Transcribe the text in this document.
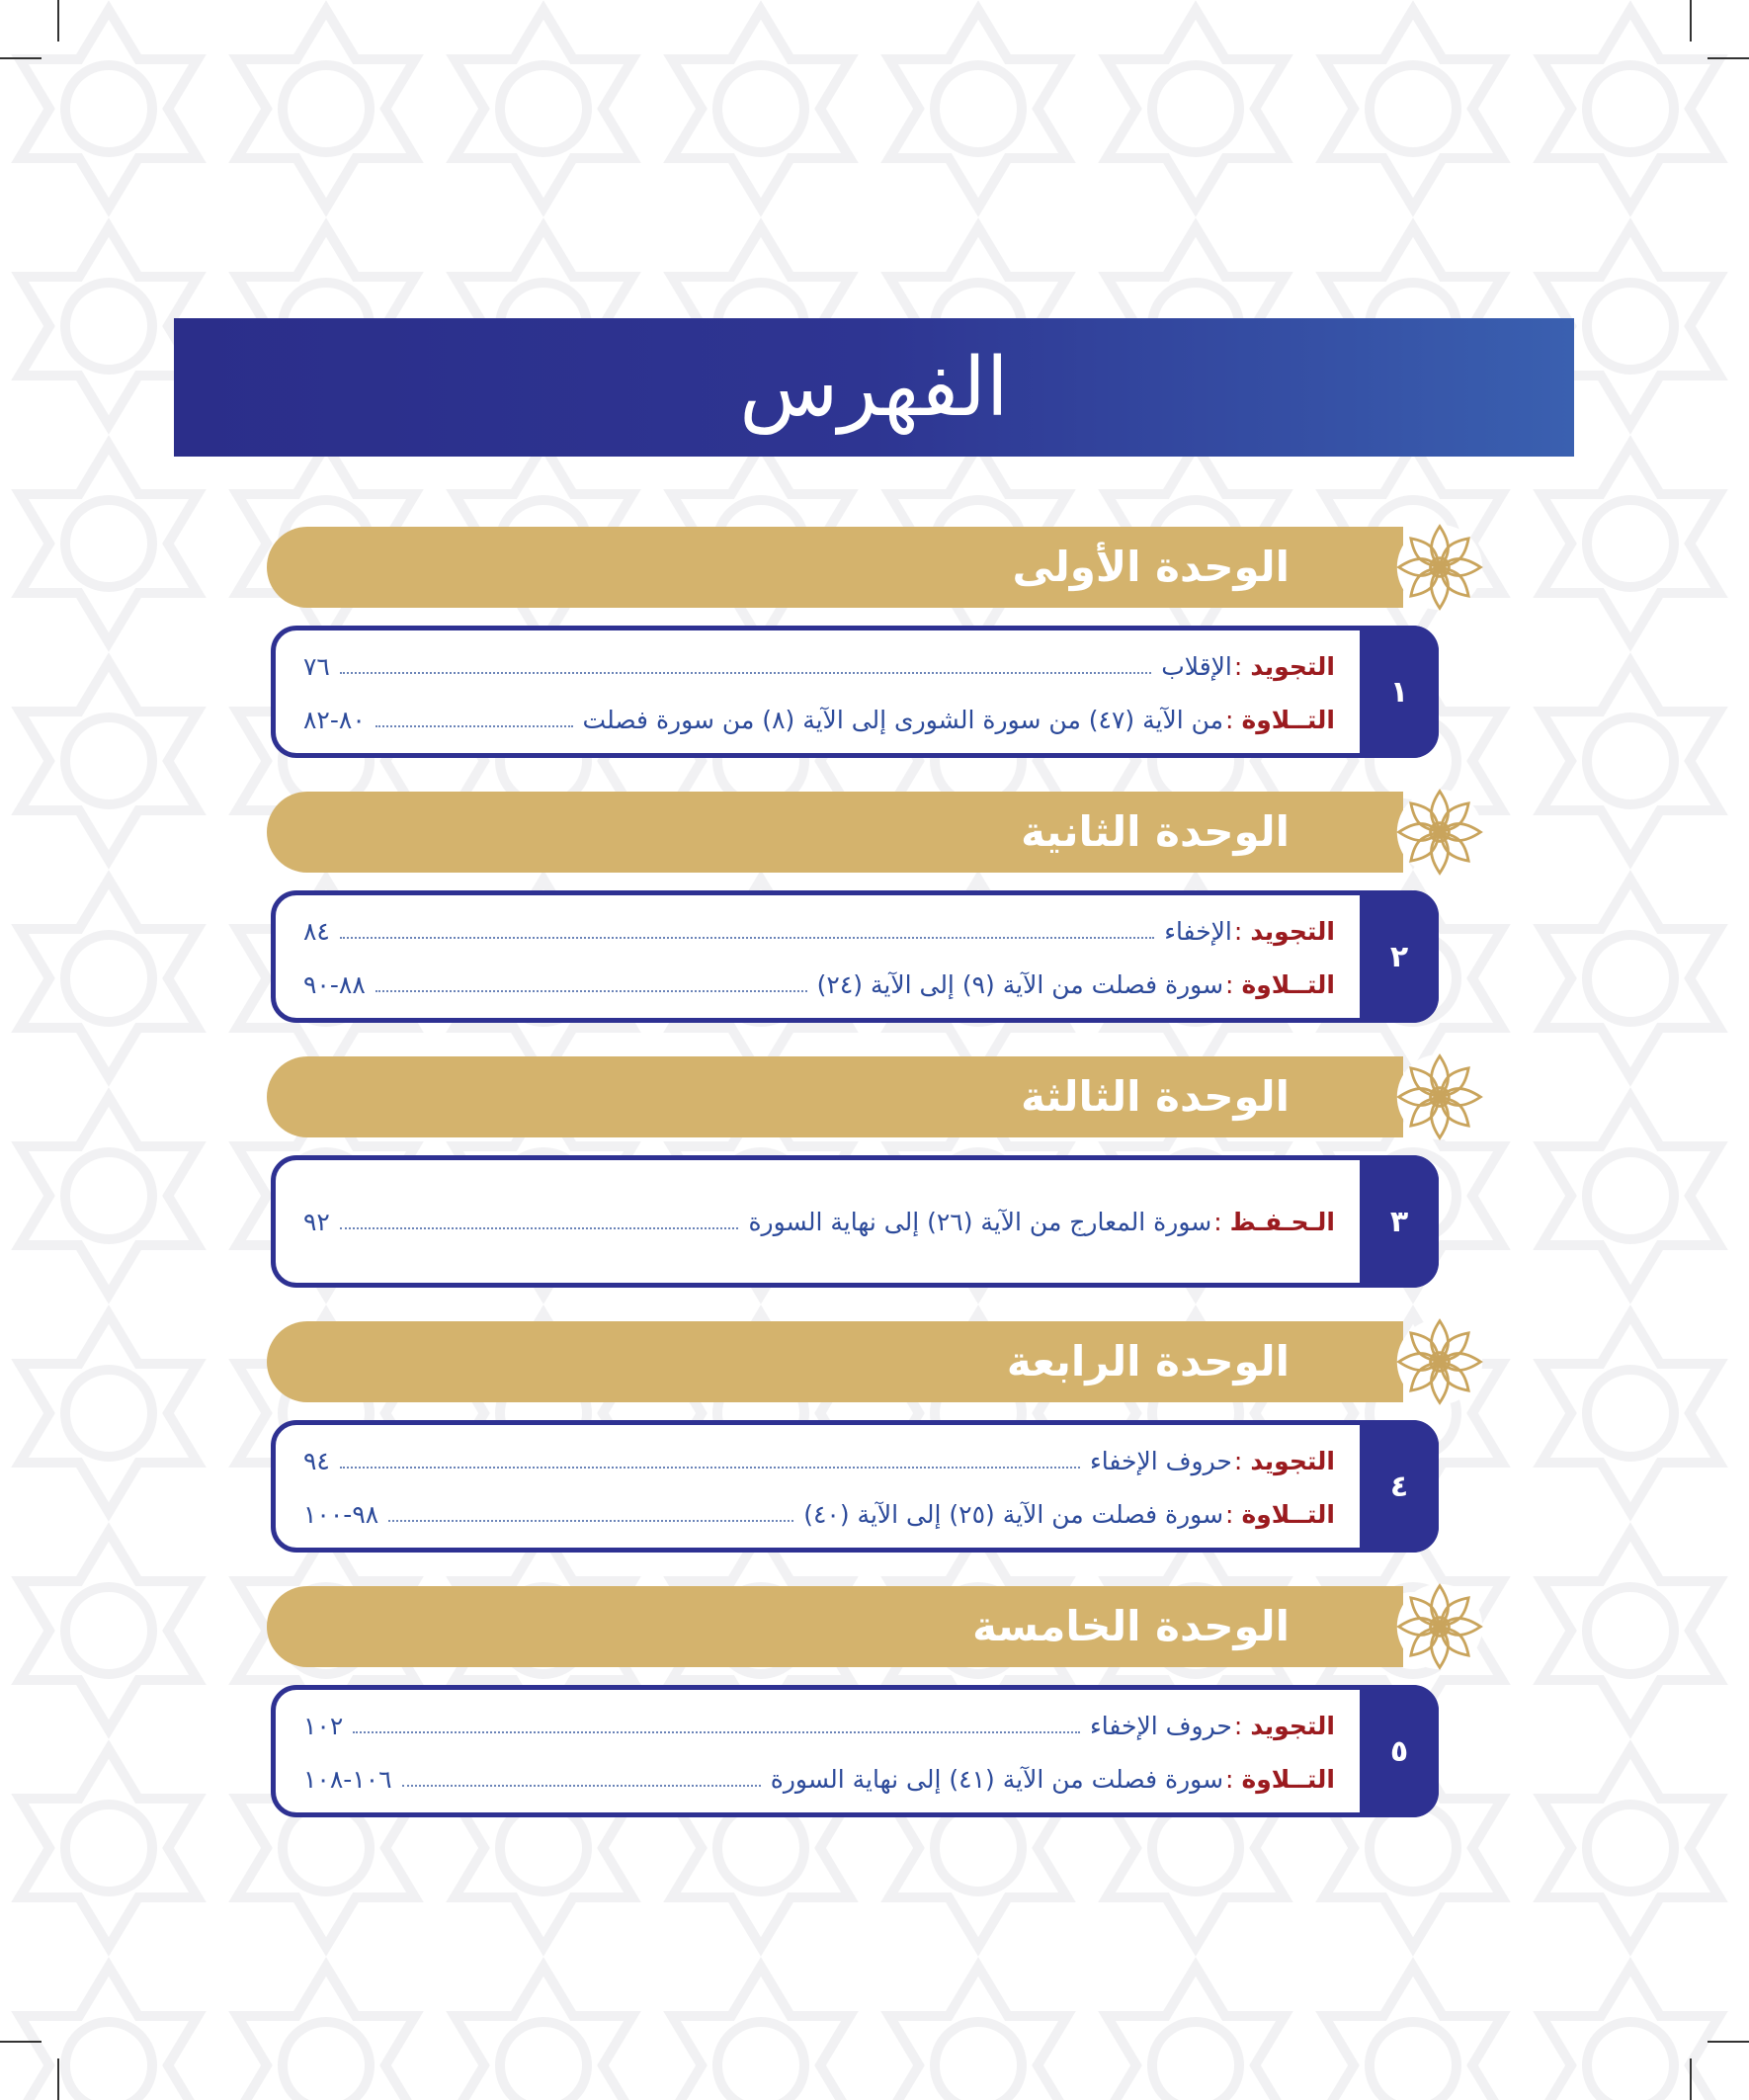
الفهرس
الوحدة الأولى
١
التجويد
:
الإقلاب
٧٦
التــلاوة
:
من الآية (٤٧) من سورة الشورى إلى الآية (٨) من سورة فصلت
٨٠-٨٢
الوحدة الثانية
٢
التجويد
:
الإخفاء
٨٤
التــلاوة
:
سورة فصلت من الآية (٩) إلى الآية (٢٤)
٨٨-٩٠
الوحدة الثالثة
٣
الـحـفـظ
:
سورة المعارج من الآية (٢٦) إلى نهاية السورة
٩٢
الوحدة الرابعة
٤
التجويد
:
حروف الإخفاء
٩٤
التــلاوة
:
سورة فصلت من الآية (٢٥) إلى الآية (٤٠)
٩٨-١٠٠
الوحدة الخامسة
٥
التجويد
:
حروف الإخفاء
١٠٢
التــلاوة
:
سورة فصلت من الآية (٤١) إلى نهاية السورة
١٠٦-١٠٨
